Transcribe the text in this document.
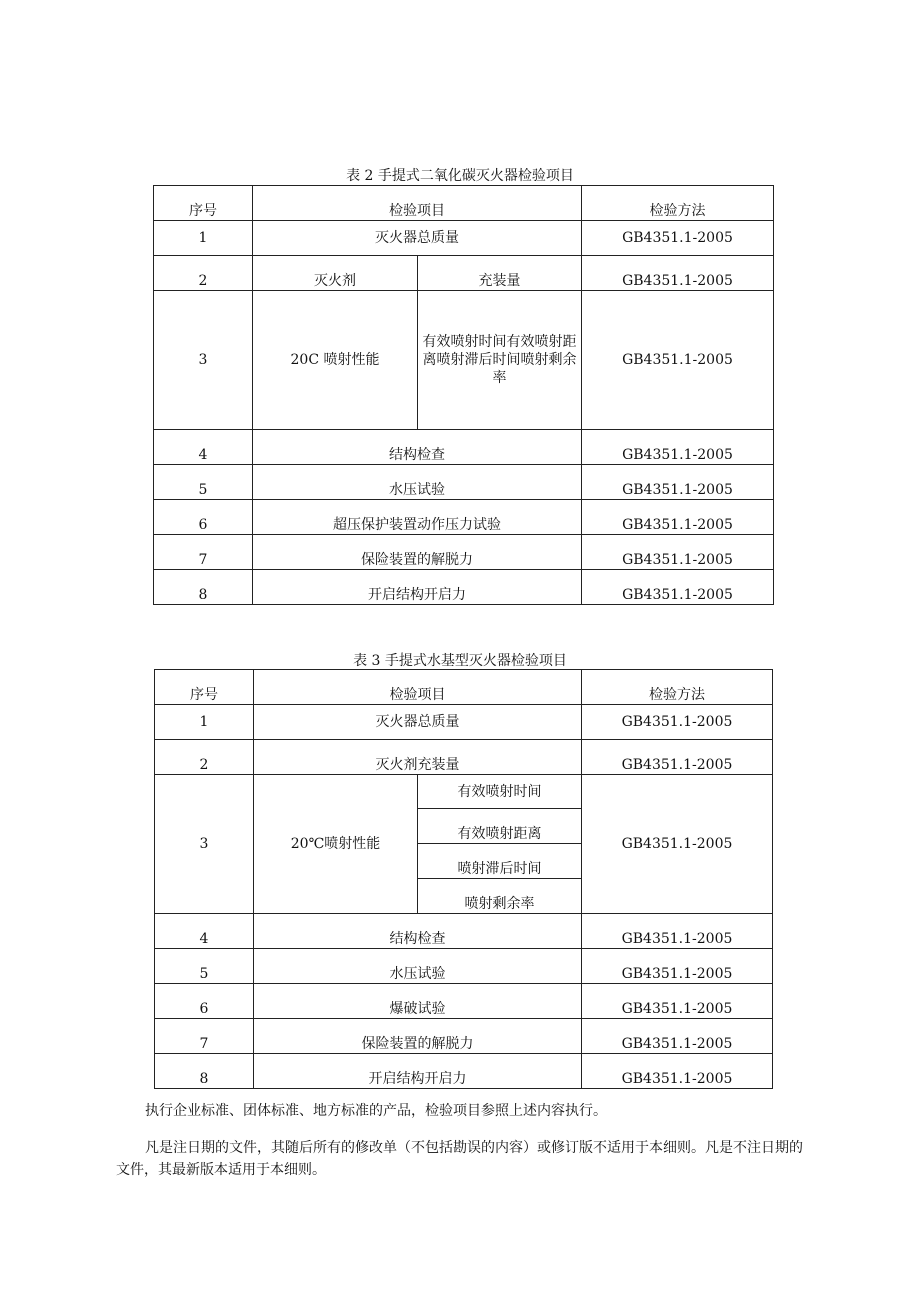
表 2 手提式二氧化碳灭火器检验项目
序号	检验项目		检验方法
1	灭火器总质量		GB4351.1-2005
2	灭火剂	充装量	GB4351.1-2005
3	20C 喷射性能	有效喷射时间有效喷射距离喷射滞后时间喷射剩余率	GB4351.1-2005
4	结构检查		GB4351.1-2005
5	水压试验		GB4351.1-2005
6	超压保护装置动作压力试验		GB4351.1-2005
7	保险装置的解脱力		GB4351.1-2005
8	开启结构开启力		GB4351.1-2005
表 3 手提式水基型灭火器检验项目
序号	检验项目		检验方法
1	灭火器总质量		GB4351.1-2005
2	灭火剂充装量		GB4351.1-2005
3	20℃喷射性能	有效喷射时间	GB4351.1-2005
		有效喷射距离	
		喷射滞后时间	
		喷射剩余率	
4	结构检查		GB4351.1-2005
5	水压试验		GB4351.1-2005
6	爆破试验		GB4351.1-2005
7	保险装置的解脱力		GB4351.1-2005
8	开启结构开启力		GB4351.1-2005
执行企业标准、团体标准、地方标准的产品，检验项目参照上述内容执行。
凡是注日期的文件，其随后所有的修改单（不包括勘误的内容）或修订版不适用于本细则。凡是不注日期的文件，其最新版本适用于本细则。
